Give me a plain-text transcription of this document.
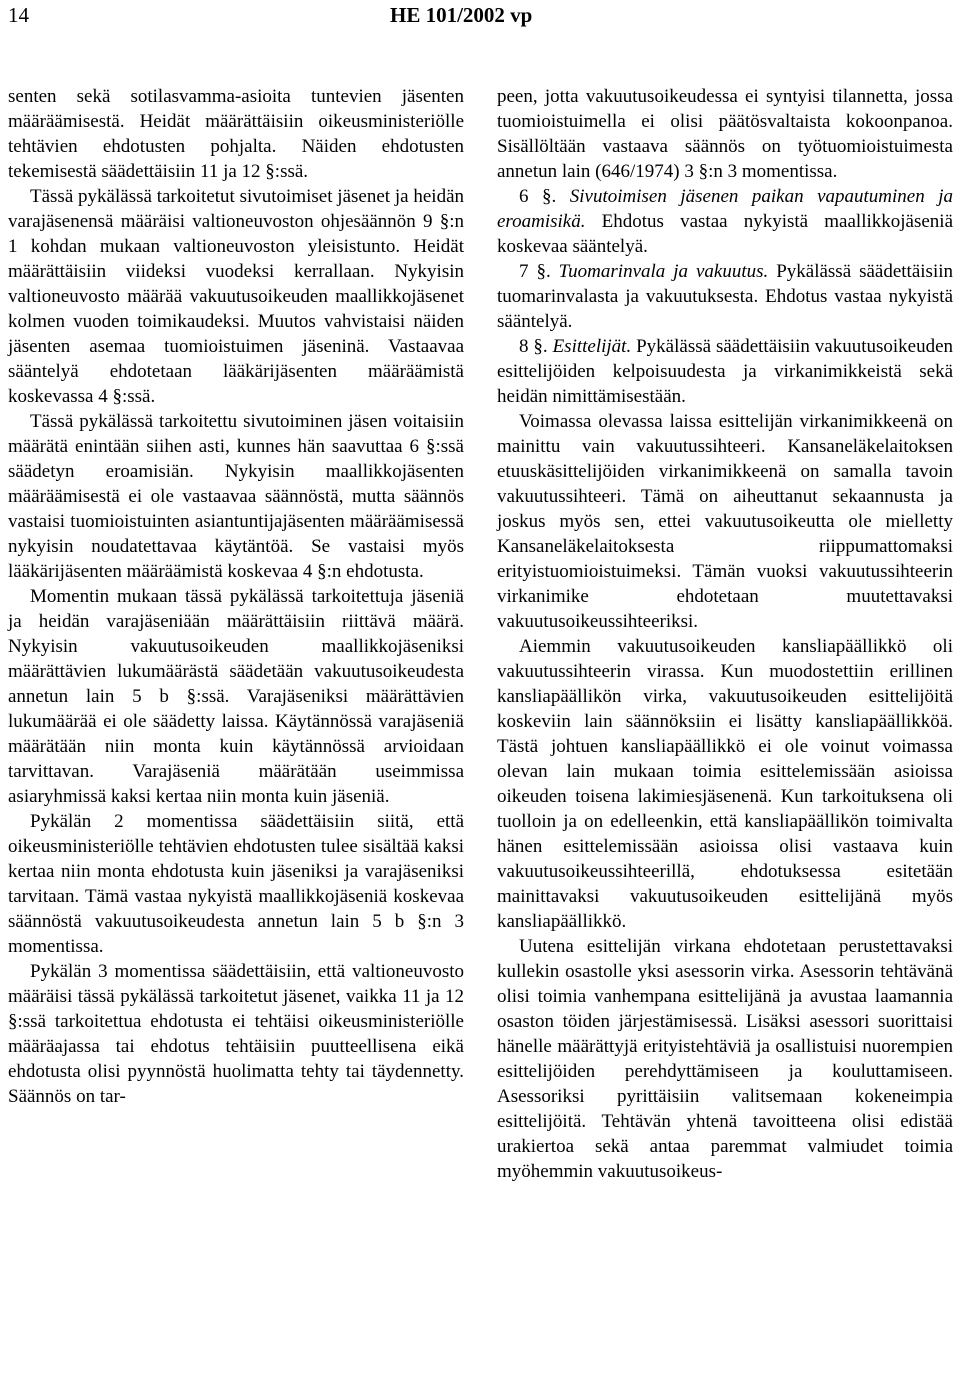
14	HE 101/2002 vp

senten sekä sotilasvamma-asioita tuntevien jäsenten määräämisestä. Heidät määrättäisiin oikeusministeriölle tehtävien ehdotusten pohjalta. Näiden ehdotusten tekemisestä säädettäisiin 11 ja 12 §:ssä.

Tässä pykälässä tarkoitetut sivutoimiset jäsenet ja heidän varajäsenensä määräisi valtioneuvoston ohjesäännön 9 §:n 1 kohdan mukaan valtioneuvoston yleisistunto. Heidät määrättäisiin viideksi vuodeksi kerrallaan. Nykyisin valtioneuvosto määrää vakuutusoikeuden maallikkojäsenet kolmen vuoden toimikaudeksi. Muutos vahvistaisi näiden jäsenten asemaa tuomioistuimen jäseninä. Vastaavaa sääntelyä ehdotetaan lääkärijäsenten määräämistä koskevassa 4 §:ssä.

Tässä pykälässä tarkoitettu sivutoiminen jäsen voitaisiin määrätä enintään siihen asti, kunnes hän saavuttaa 6 §:ssä säädetyn eroamisiän. Nykyisin maallikkojäsenten määräämisestä ei ole vastaavaa säännöstä, mutta säännös vastaisi tuomioistuinten asiantuntijajäsenten määräämisessä nykyisin noudatettavaa käytäntöä. Se vastaisi myös lääkärijäsenten määräämistä koskevaa 4 §:n ehdotusta.

Momentin mukaan tässä pykälässä tarkoitettuja jäseniä ja heidän varajäseniään määrättäisiin riittävä määrä. Nykyisin vakuutusoikeuden maallikkojäseniksi määrättävien lukumäärästä säädetään vakuutusoikeudesta annetun lain 5 b §:ssä. Varajäseniksi määrättävien lukumäärää ei ole säädetty laissa. Käytännössä varajäseniä määrätään niin monta kuin käytännössä arvioidaan tarvittavan. Varajäseniä määrätään useimmissa asiaryhmissä kaksi kertaa niin monta kuin jäseniä.

Pykälän 2 momentissa säädettäisiin siitä, että oikeusministeriölle tehtävien ehdotusten tulee sisältää kaksi kertaa niin monta ehdotusta kuin jäseniksi ja varajäseniksi tarvitaan. Tämä vastaa nykyistä maallikkojäseniä koskevaa säännöstä vakuutusoikeudesta annetun lain 5 b §:n 3 momentissa.

Pykälän 3 momentissa säädettäisiin, että valtioneuvosto määräisi tässä pykälässä tarkoitetut jäsenet, vaikka 11 ja 12 §:ssä tarkoitettua ehdotusta ei tehtäisi oikeusministeriölle määräajassa tai ehdotus tehtäisiin puutteellisena eikä ehdotusta olisi pyynnöstä huolimatta tehty tai täydennetty. Säännös on tar-

peen, jotta vakuutusoikeudessa ei syntyisi tilannetta, jossa tuomioistuimella ei olisi päätösvaltaista kokoonpanoa. Sisällöltään vastaava säännös on työtuomioistuimesta annetun lain (646/1974) 3 §:n 3 momentissa.

6 §. Sivutoimisen jäsenen paikan vapautuminen ja eroamisikä. Ehdotus vastaa nykyistä maallikkojäseniä koskevaa sääntelyä.

7 §. Tuomarinvala ja vakuutus. Pykälässä säädettäisiin tuomarinvalasta ja vakuutuksesta. Ehdotus vastaa nykyistä sääntelyä.

8 §. Esittelijät. Pykälässä säädettäisiin vakuutusoikeuden esittelijöiden kelpoisuudesta ja virkanimikkeistä sekä heidän nimittämisestään.

Voimassa olevassa laissa esittelijän virkanimikkeenä on mainittu vain vakuutussihteeri. Kansaneläkelaitoksen etuuskäsittelijöiden virkanimikkeenä on samalla tavoin vakuutussihteeri. Tämä on aiheuttanut sekaannusta ja joskus myös sen, ettei vakuutusoikeutta ole mielletty Kansaneläkelaitoksesta riippumattomaksi erityistuomioistuimeksi. Tämän vuoksi vakuutussihteerin virkanimike ehdotetaan muutettavaksi vakuutusoikeussihteeriksi.

Aiemmin vakuutusoikeuden kansliapäällikkö oli vakuutussihteerin virassa. Kun muodostettiin erillinen kansliapäällikön virka, vakuutusoikeuden esittelijöitä koskeviin lain säännöksiin ei lisätty kansliapäällikköä. Tästä johtuen kansliapäällikkö ei ole voinut voimassa olevan lain mukaan toimia esittelemissään asioissa oikeuden toisena lakimiesjäsenenä. Kun tarkoituksena oli tuolloin ja on edelleenkin, että kansliapäällikön toimivalta hänen esittelemissään asioissa olisi vastaava kuin vakuutusoikeussihteerillä, ehdotuksessa esitetään mainittavaksi vakuutusoikeuden esittelijänä myös kansliapäällikkö.

Uutena esittelijän virkana ehdotetaan perustettavaksi kullekin osastolle yksi asessorin virka. Asessorin tehtävänä olisi toimia vanhempana esittelijänä ja avustaa laamannia osaston töiden järjestämisessä. Lisäksi asessori suorittaisi hänelle määrättyjä erityistehtäviä ja osallistuisi nuorempien esittelijöiden perehdyttämiseen ja kouluttamiseen. Asessoriksi pyrittäisiin valitsemaan kokeneimpia esittelijöitä. Tehtävän yhtenä tavoitteena olisi edistää urakiertoa sekä antaa paremmat valmiudet toimia myöhemmin vakuutusoikeus-
